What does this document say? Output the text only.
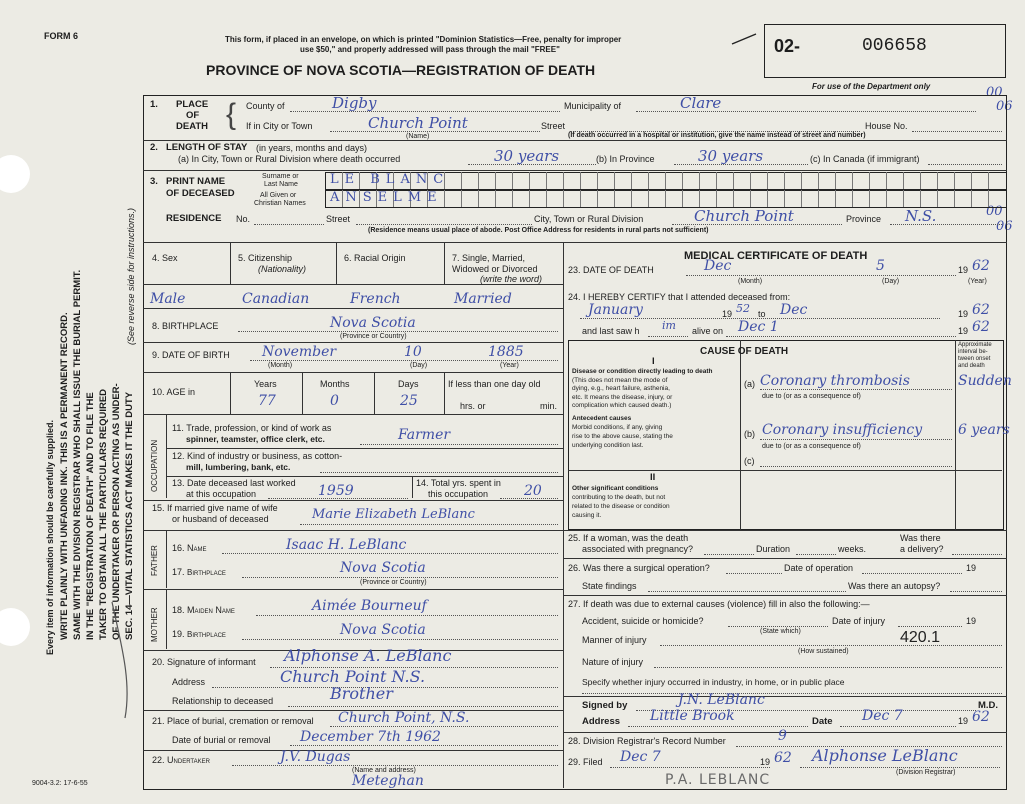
FORM 6
9004-3.2: 17-6-55
Every item of information should be carefully supplied. WRITE PLAINLY WITH UNFADING INK. THIS IS A PERMANENT RECORD. SAME WITH THE DIVISION REGISTRAR WHO SHALL ISSUE THE BURIAL PERMIT. IN THE "REGISTRATION OF DEATH" AND TO FILE THE TAKER TO OBTAIN ALL THE PARTICULARS REQUIRED OF THE UNDERTAKER OR PERSON ACTING AS UNDER- SEC. 14—VITAL STATISTICS ACT MAKES IT THE DUTY
(See reverse side for instructions.)
This form, if placed in an envelope, on which is printed "Dominion Statistics—Free, penalty for improper
use $50," and properly addressed will pass through the mail "FREE"
PROVINCE OF NOVA SCOTIA—REGISTRATION OF DEATH
02-	006658
For use of the Department only	00
06
00
06
1. PLACE
OF
DEATH { County of	Digby	Municipality of	Clare
If in City or Town	Church Point
(Name)
Street	House No.
(If death occurred in a hospital or institution, give the name instead of street and number)
2. LENGTH OF STAY (in years, months and days)
(a) In City, Town or Rural Division where death occurred	30 years	(b) In Province	30 years	(c) In Canada (if immigrant)
3. PRINT NAME
OF DECEASED
Surname or
Last Name
All Given or
Christian Names
LE BLANC
ANSELME
RESIDENCE No.	Street	City, Town or Rural Division	Church Point	Province N.S.
(Residence means usual place of abode. Post Office Address for residents in rural parts not sufficient)
4. Sex	5. Citizenship
(Nationality)
6. Racial Origin	7. Single, Married,
Widowed or Divorced
(write the word)
Male	Canadian	French	Married
8. BIRTHPLACE	Nova Scotia
(Province or Country)
9. DATE OF BIRTH November	10	1885
(Month)	(Day)	(Year)
10. AGE in
Years	Months	Days
77	0	25
If less than one day old
hrs. or	min.
OCCUPATION
11. Trade, profession, or kind of work as
spinner, teamster, office clerk, etc.	Farmer
12. Kind of industry or business, as cotton-
mill, lumbering, bank, etc.
13. Date deceased last worked
at this occupation	1959	14. Total yrs. spent in
this occupation	20
15. If married give name of wife
or husband of deceased	Marie Elizabeth LeBlanc
FATHER 16. Name	Isaac H. LeBlanc
17. Birthplace	Nova Scotia
(Province or Country)
MOTHER 18. Maiden Name	Aimée Bourneuf
19. Birthplace	Nova Scotia
20. Signature of informant Alphonse A. LeBlanc
Address	Church Point N.S.
Relationship to deceased	Brother
21. Place of burial, cremation or removal Church Point, N.S.
Date of burial or removal December 7th 1962
22. Undertaker	J.V. Dugas
(Name and address)
Meteghan
MEDICAL CERTIFICATE OF DEATH
23. DATE OF DEATH	Dec	5	19 62
(Month)	(Day)	(Year)
24. I HEREBY CERTIFY that I attended deceased from:
January	19 52 to Dec	19 62
and last saw h im alive on Dec 1	19 62
CAUSE OF DEATH
Approximate
interval be-
tween onset
and death
I
Disease or condition directly leading to death
(This does not mean the mode of
dying, e.g., heart failure, asthenia,
etc. It means the disease, injury, or
complication which caused death.)
(a) Coronary thrombosis	Sudden
due to (or as a consequence of)
Antecedent causes
Morbid conditions, if any, giving
rise to the above cause, stating the
underlying condition last.
(b) Coronary insufficiency	6 years
due to (or as a consequence of)
(c)
II
Other significant conditions
contributing to the death, but not
related to the disease or condition
causing it.
25. If a woman, was the death
associated with pregnancy?	Duration	weeks.
Was there
a delivery?
26. Was there a surgical operation?	Date of operation	19
State findings	Was there an autopsy?
27. If death was due to external causes (violence) fill in also the following:—
Accident, suicide or homicide?
(State which)
Date of injury	19
Manner of injury	420.1
(How sustained)
Nature of injury
Specify whether injury occurred in industry, in home, or in public place
Signed by	J.N. LeBlanc	M.D.
Address Little Brook	Date Dec 7	19 62
28. Division Registrar's Record Number	9
29. Filed Dec 7	19 62 Alphonse LeBlanc
(Division Registrar)
P.A. LEBLANC
